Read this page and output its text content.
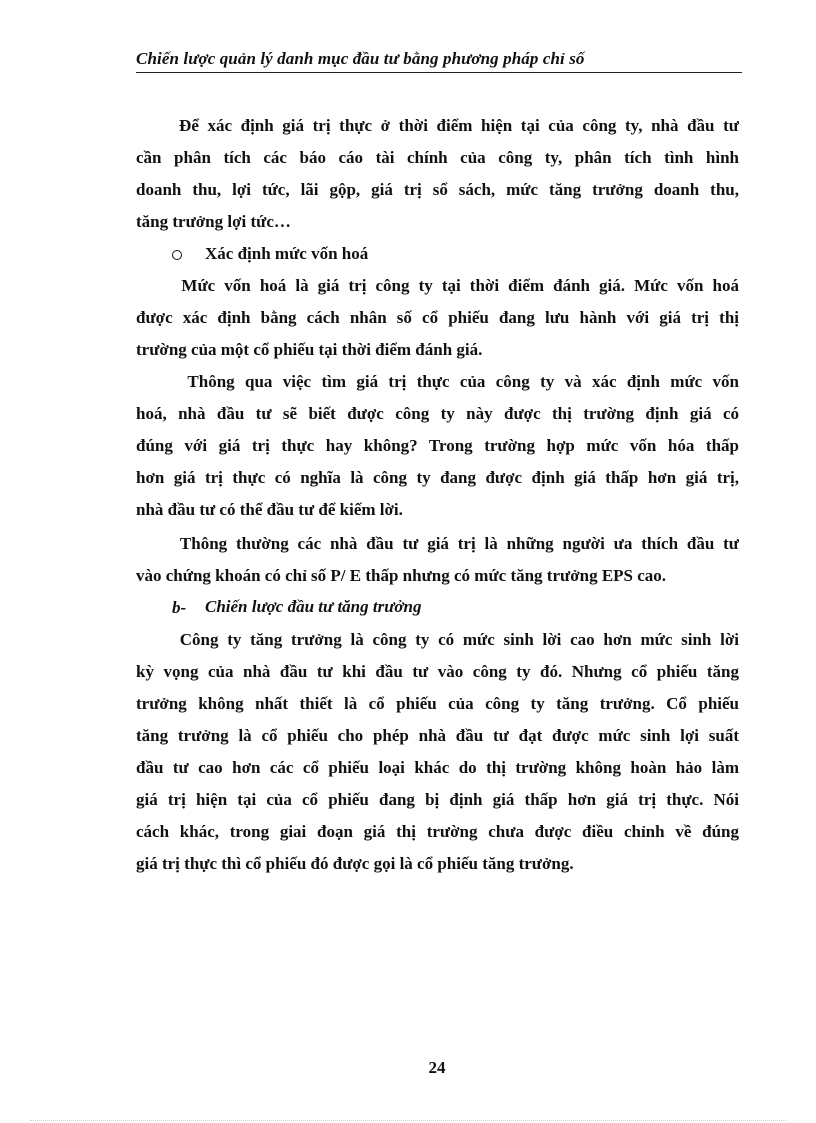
Chiến lược quản lý danh mục đầu tư bằng phương pháp chỉ số
Để xác định giá trị thực ở thời điểm hiện tại của công ty, nhà đầu tư
cần phân tích các báo cáo tài chính của công ty, phân tích tình hình
doanh thu, lợi tức, lãi gộp, giá trị sổ sách, mức tăng trưởng doanh thu,
tăng trưởng lợi tức…
Xác định mức vốn hoá
Mức vốn hoá là giá trị công ty tại thời điểm đánh giá. Mức vốn hoá
được xác định bằng cách nhân số cổ phiếu đang lưu hành với giá trị thị
trường của một cổ phiếu tại thời điểm đánh giá.
Thông qua việc tìm giá trị thực của công ty và xác định mức vốn
hoá, nhà đầu tư sẽ biết được công ty này được thị trường định giá có
đúng với giá trị thực hay không? Trong trường hợp mức vốn hóa thấp
hơn giá trị thực có nghĩa là công ty đang được định giá thấp hơn giá trị,
nhà đầu tư có thể đầu tư để kiếm lời.
Thông thường các nhà đầu tư giá trị là những người ưa thích đầu tư
vào chứng khoán có chỉ số P/ E thấp nhưng có mức tăng trưởng EPS cao.
b- Chiến lược đầu tư tăng trưởng
Công ty tăng trưởng là công ty có mức sinh lời cao hơn mức sinh lời
kỳ vọng của nhà đầu tư khi đầu tư vào công ty đó. Nhưng cổ phiếu tăng
trưởng không nhất thiết là cổ phiếu của công ty tăng trưởng. Cổ phiếu
tăng trưởng là cổ phiếu cho phép nhà đầu tư đạt được mức sinh lợi suất
đầu tư cao hơn các cổ phiếu loại khác do thị trường không hoàn hảo làm
giá trị hiện tại của cổ phiếu đang bị định giá thấp hơn giá trị thực. Nói
cách khác, trong giai đoạn giá thị trường chưa được điều chỉnh về đúng
giá trị thực thì cổ phiếu đó được gọi là cổ phiếu tăng trưởng.
24
